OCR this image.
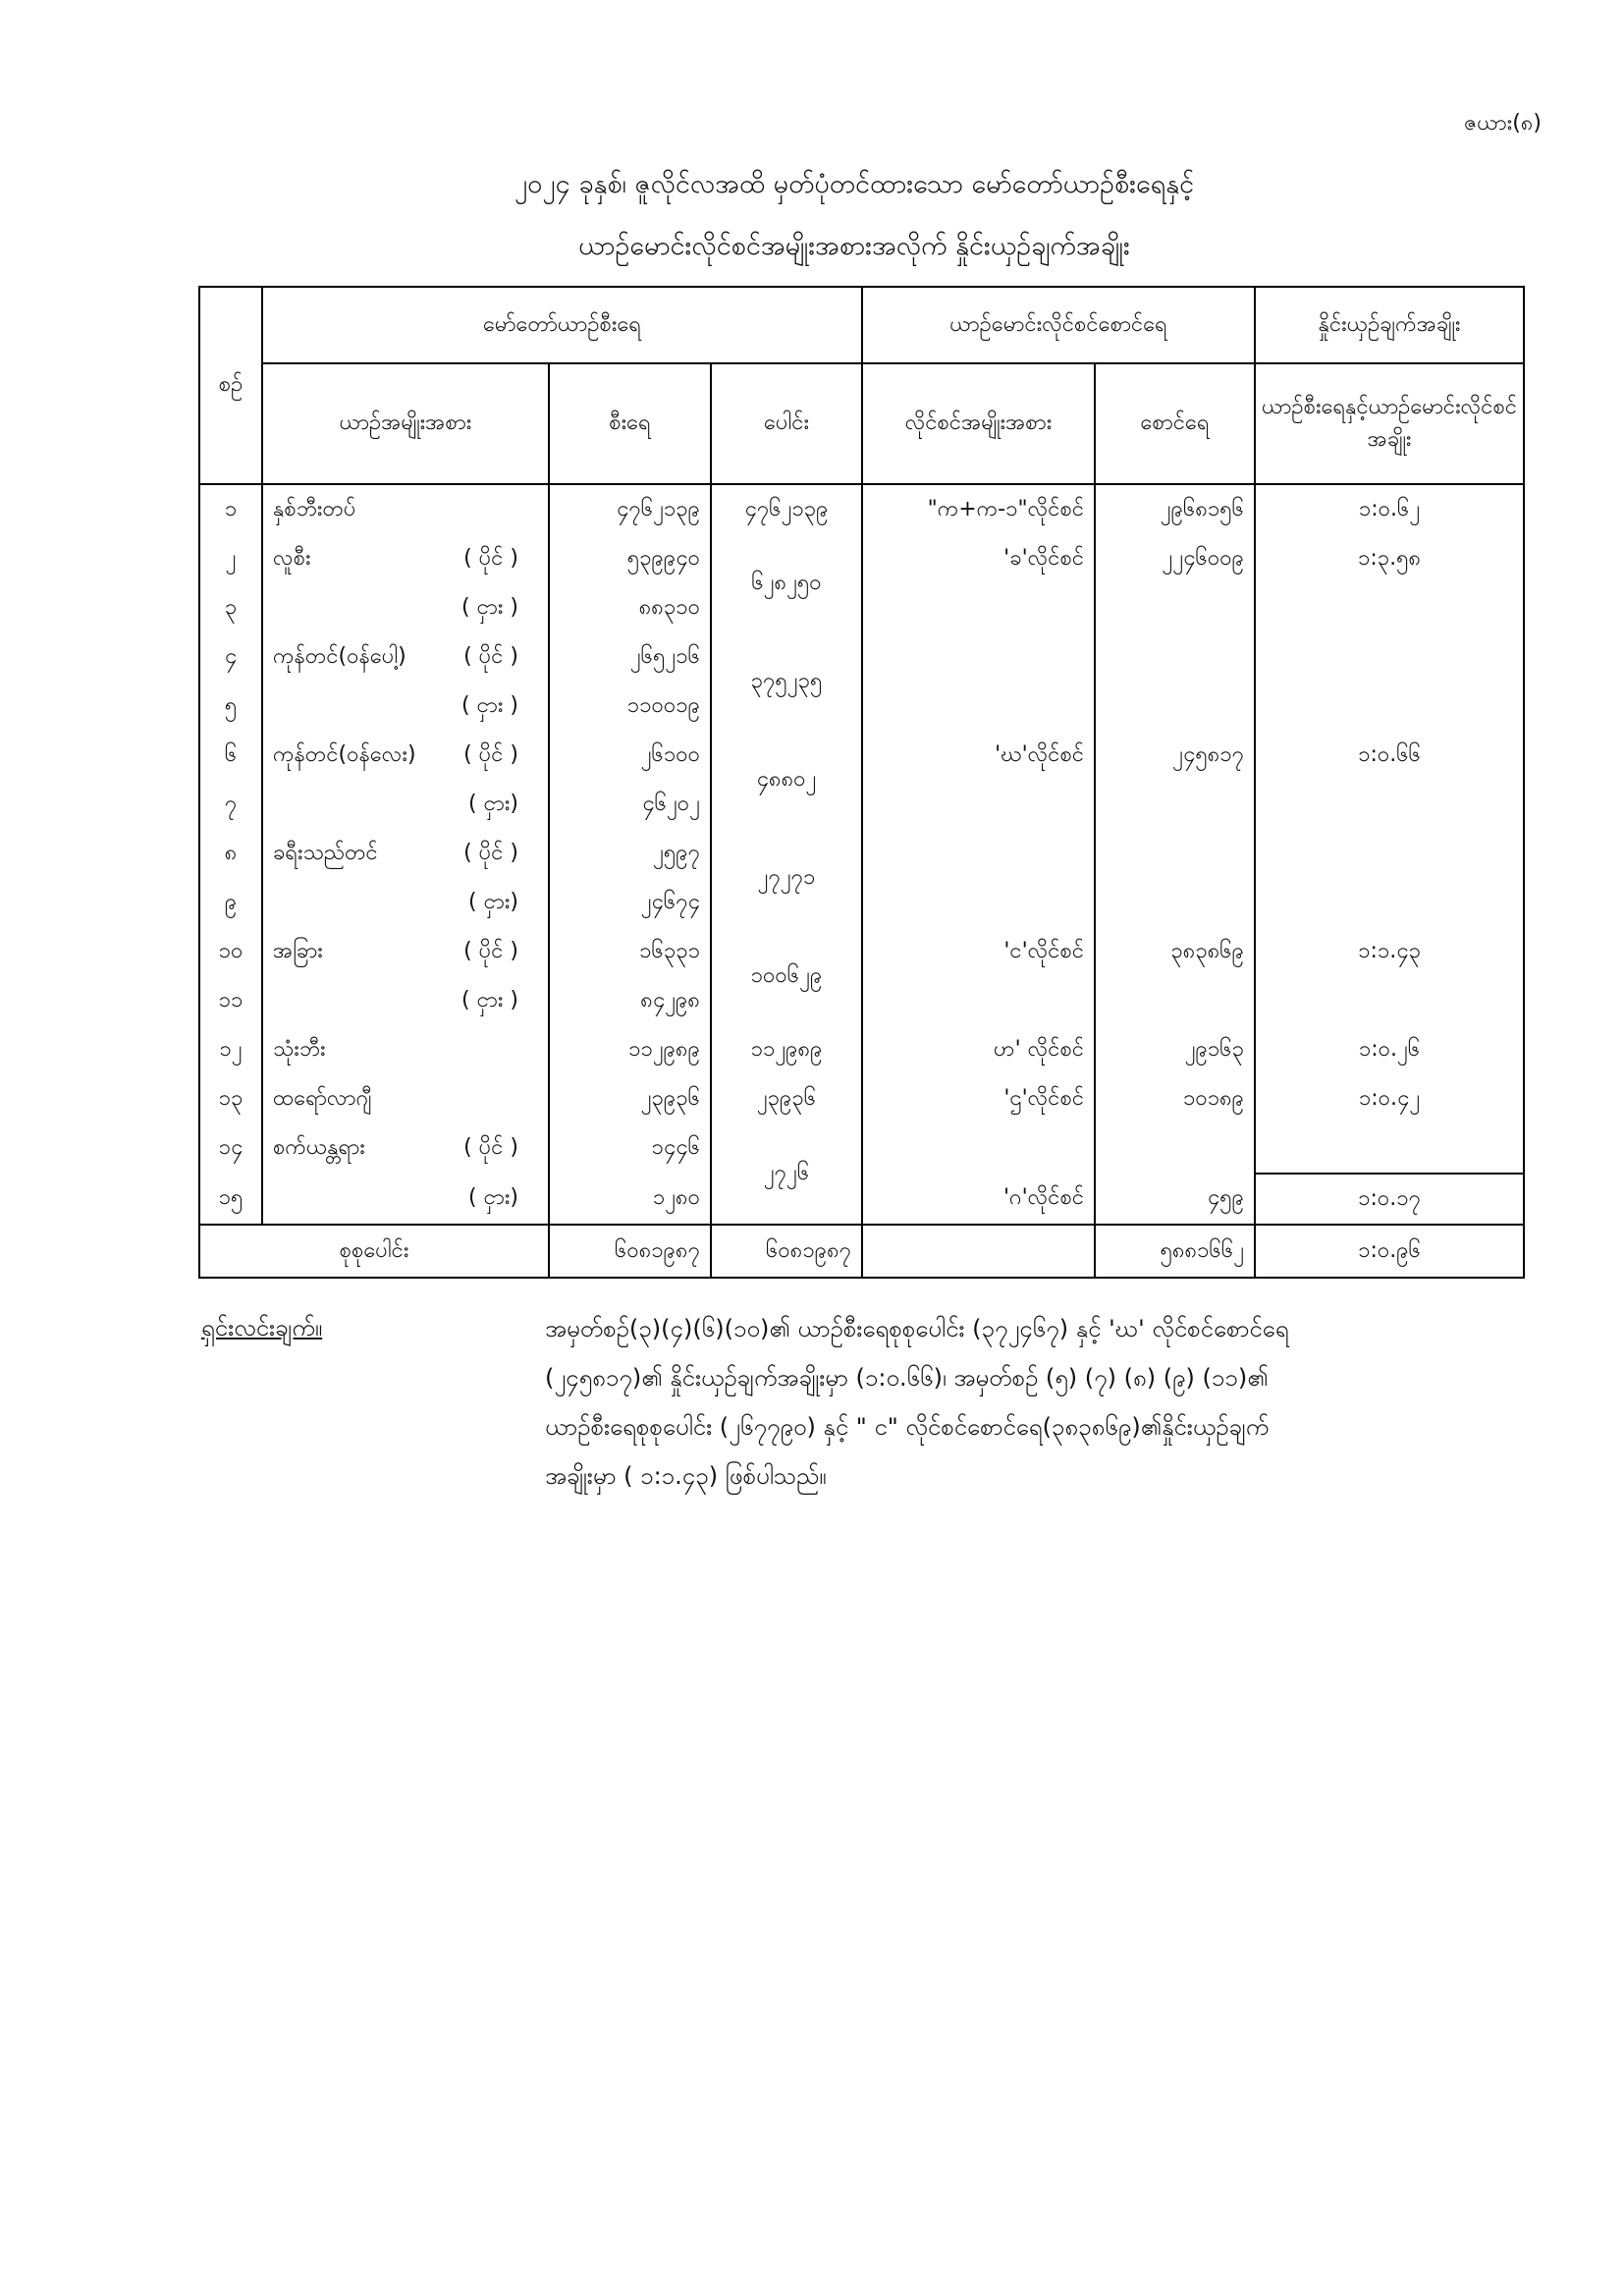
ဇယား(၈)
၂၀၂၄ ခုနှစ်၊ ဇူလိုင်လအထိ မှတ်ပုံတင်ထားသော မော်တော်ယာဉ်စီးရေနှင့်
ယာဉ်မောင်းလိုင်စင်အမျိုးအစားအလိုက် နှိုင်းယှဉ်ချက်အချိုး
စဉ်	မော်တော်ယာဉ်စီးရေ			ယာဉ်မောင်းလိုင်စင်စောင်ရေ		နှိုင်းယှဉ်ချက်အချိုး
	ယာဉ်အမျိုးအစား	စီးရေ	ပေါင်း	လိုင်စင်အမျိုးအစား	စောင်ရေ	ယာဉ်စီးရေနှင့်ယာဉ်မောင်းလိုင်စင်အချိုး
၁	နှစ်ဘီးတပ်	၄၇၆၂၁၃၉	၄၇၆၂၁၃၉	"က+က-၁"လိုင်စင်	၂၉၆၈၁၅၆	၁:၀.၆၂
၂	လူစီး ( ပိုင် )	၅၃၉၉၄၀	၆၂၈၂၅၀	'ခ'လိုင်စင်	၂၂၄၆၀၀၉	၁:၃.၅၈
၃	( ငှား )	၈၈၃၁၀				
၄	ကုန်တင်(ဝန်ပေါ့) ( ပိုင် )	၂၆၅၂၁၆	၃၇၅၂၃၅			
၅	( ငှား )	၁၁၀၀၁၉				
၆	ကုန်တင်(ဝန်လေး) ( ပိုင် )	၂၆၁၀၀	၄၈၈၀၂	'ဃ'လိုင်စင်	၂၄၅၈၁၇	၁:၀.၆၆
၇	( ငှား)	၄၆၂၀၂				
၈	ခရီးသည်တင် ( ပိုင် )	၂၅၉၇	၂၇၂၇၁			
၉	( ငှား)	၂၄၆၇၄				
၁၀	အခြား ( ပိုင် )	၁၆၃၃၁	၁၀၀၆၂၉	'င'လိုင်စင်	၃၈၃၈၆၉	၁:၁.၄၃
၁၁	( ငှား )	၈၄၂၉၈				
၁၂	သုံးဘီး	၁၁၂၉၈၉	၁၁၂၉၈၉	ဟ' လိုင်စင်	၂၉၁၆၃	၁:၀.၂၆
၁၃	ထရော်လာဂျီ	၂၃၉၃၆	၂၃၉၃၆	'ဌ'လိုင်စင်	၁၀၁၈၉	၁:၀.၄၂
၁၄	စက်ယန္တရား ( ပိုင် )	၁၄၄၆	၂၇၂၆			
၁၅	( ငှား)	၁၂၈၀		'ဂ'လိုင်စင်	၄၅၉	၁:၀.၁၇
စုစုပေါင်း		၆၀၈၁၉၈၇	၆၀၈၁၉၈၇		၅၈၈၁၆၆၂	၁:၀.၉၆
ရှင်းလင်းချက်။	အမှတ်စဉ်(၃)(၄)(၆)(၁၀)၏ ယာဉ်စီးရေစုစုပေါင်း (၃၇၂၄၆၇) နှင့် 'ဃ' လိုင်စင်စောင်ရေ
(၂၄၅၈၁၇)၏ နှိုင်းယှဉ်ချက်အချိုးမှာ (၁:၀.၆၆)၊ အမှတ်စဉ် (၅) (၇) (၈) (၉) (၁၁)၏
ယာဉ်စီးရေစုစုပေါင်း (၂၆၇၇၉၀) နှင့် " င" လိုင်စင်စောင်ရေ(၃၈၃၈၆၉)၏နှိုင်းယှဉ်ချက်
အချိုးမှာ ( ၁:၁.၄၃) ဖြစ်ပါသည်။
